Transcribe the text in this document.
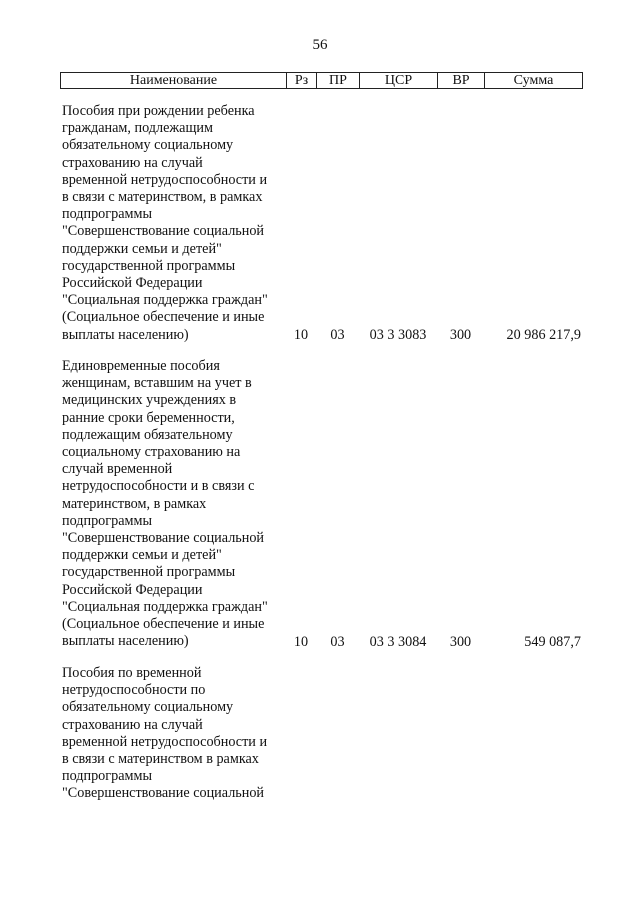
56
Наименование	Рз	ПР	ЦСР	ВР	Сумма
Пособия при рождении ребенка
гражданам, подлежащим
обязательному социальному
страхованию на случай
временной нетрудоспособности и
в связи с материнством, в рамках
подпрограммы
"Совершенствование социальной
поддержки семьи и детей"
государственной программы
Российской Федерации
"Социальная поддержка граждан"
(Социальное обеспечение и иные
выплаты населению)	10	03	03 3 3083	300	20 986 217,9
Единовременные пособия
женщинам, вставшим на учет в
медицинских учреждениях в
ранние сроки беременности,
подлежащим обязательному
социальному страхованию на
случай временной
нетрудоспособности и в связи с
материнством, в рамках
подпрограммы
"Совершенствование социальной
поддержки семьи и детей"
государственной программы
Российской Федерации
"Социальная поддержка граждан"
(Социальное обеспечение и иные
выплаты населению)	10	03	03 3 3084	300	549 087,7
Пособия по временной
нетрудоспособности по
обязательному социальному
страхованию на случай
временной нетрудоспособности и
в связи с материнством в рамках
подпрограммы
"Совершенствование социальной
